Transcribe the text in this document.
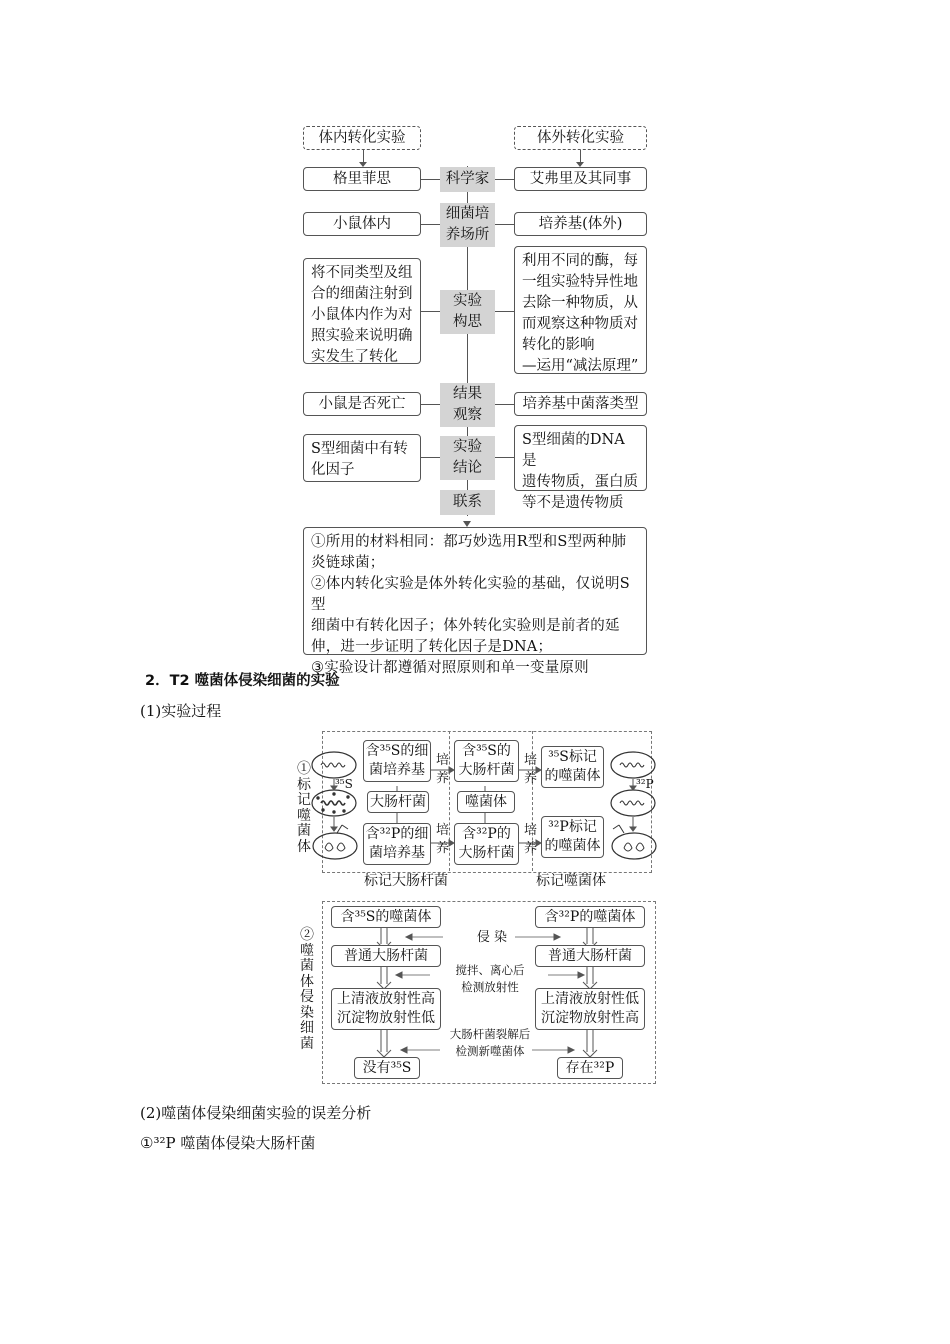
体内转化实验	体外转化实验
格里菲思	科学家	艾弗里及其同事
小鼠体内
细菌培
养场所
培养基(体外)
将不同类型及组
合的细菌注射到
小鼠体内作为对
照实验来说明确
实发生了转化
实验
构思
利用不同的酶，每
一组实验特异性地
去除一种物质，从
而观察这种物质对
转化的影响
—运用“减法原理”
小鼠是否死亡
结果
观察
培养基中菌落类型
S型细菌中有转
化因子
实验
结论
S型细菌的DNA是
遗传物质，蛋白质
等不是遗传物质
联系
①所用的材料相同：都巧妙选用R型和S型两种肺
炎链球菌；
②体内转化实验是体外转化实验的基础，仅说明S型
细菌中有转化因子；体外转化实验则是前者的延
伸，进一步证明了转化因子是DNA；
③实验设计都遵循对照原则和单一变量原则
2．T2 噬菌体侵染细菌的实验
(1)实验过程
①标记噬菌体
②噬菌体侵染细菌
³⁵S	³²P
含³⁵S的细
菌培养基
大肠杆菌
含³²P的细
菌培养基
培
养
培
养
含³⁵S的
大肠杆菌
噬菌体
含³²P的
大肠杆菌
培
养
培
养
³⁵S标记
的噬菌体
³²P标记
的噬菌体
标记大肠杆菌	标记噬菌体
含³⁵S的噬菌体	含³²P的噬菌体
侵 染
普通大肠杆菌	普通大肠杆菌
搅拌、离心后
检测放射性
上清液放射性高
沉淀物放射性低
上清液放射性低
沉淀物放射性高
大肠杆菌裂解后
检测新噬菌体
没有³⁵S	存在³²P
(2)噬菌体侵染细菌实验的误差分析
①³²P 噬菌体侵染大肠杆菌
